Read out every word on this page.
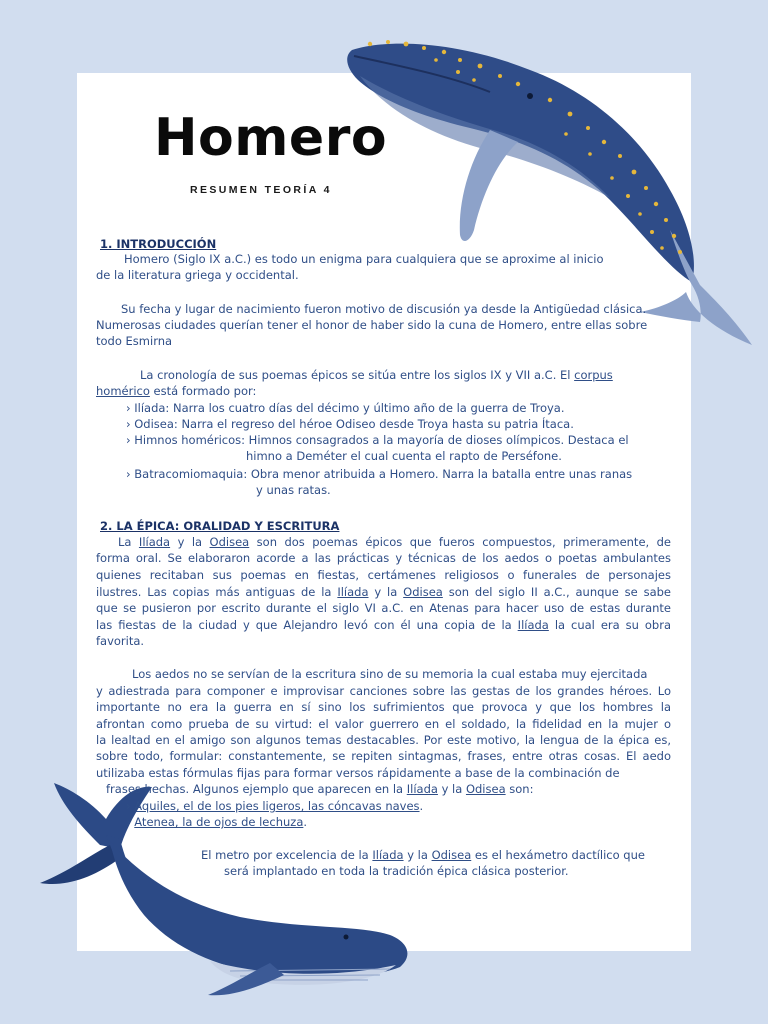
Homero
RESUMEN TEORÍA 4
1. INTRODUCCIÓN
Homero (Siglo IX a.C.) es todo un enigma para cualquiera que se aproxime al inicio
de la literatura griega y occidental.
Su fecha y lugar de nacimiento fueron motivo de discusión ya desde la Antigüedad clásica.
Numerosas ciudades querían tener el honor de haber sido la cuna de Homero, entre ellas sobre
todo Esmirna
La cronología de sus poemas épicos se sitúa entre los siglos IX y VII a.C. El corpus
homérico está formado por:
› Ilíada: Narra los cuatro días del décimo y último año de la guerra de Troya.
› Odisea: Narra el regreso del héroe Odiseo desde Troya hasta su patria Ítaca.
› Himnos homéricos: Himnos consagrados a la mayoría de dioses olímpicos. Destaca el
himno a Deméter el cual cuenta el rapto de Perséfone.
› Batracomiomaquia: Obra menor atribuida a Homero. Narra la batalla entre unas ranas
y unas ratas.
2. LA ÉPICA: ORALIDAD Y ESCRITURA
La Ilíada y la Odisea son dos poemas épicos que fueros compuestos, primeramente, de
forma oral. Se elaboraron acorde a las prácticas y técnicas de los aedos o poetas ambulantes
quienes recitaban sus poemas en fiestas, certámenes religiosos o funerales de personajes
ilustres. Las copias más antiguas de la Ilíada y la Odisea son del siglo II a.C., aunque se sabe
que se pusieron por escrito durante el siglo VI a.C. en Atenas para hacer uso de estas durante
las fiestas de la ciudad y que Alejandro levó con él una copia de la Ilíada la cual era su obra
favorita.
Los aedos no se servían de la escritura sino de su memoria la cual estaba muy ejercitada
y adiestrada para componer e improvisar canciones sobre las gestas de los grandes héroes. Lo
importante no era la guerra en sí sino los sufrimientos que provoca y que los hombres la
afrontan como prueba de su virtud: el valor guerrero en el soldado, la fidelidad en la mujer o
la lealtad en el amigo son algunos temas destacables. Por este motivo, la lengua de la épica es,
sobre todo, formular: constantemente, se repiten sintagmas, frases, entre otras cosas. El aedo
utilizaba estas fórmulas fijas para formar versos rápidamente a base de la combinación de
frases hechas. Algunos ejemplo que aparecen en la Ilíada y la Odisea son:
› Aquiles, el de los pies ligeros, las cóncavas naves.
› Atenea, la de ojos de lechuza.
El metro por excelencia de la Ilíada y la Odisea es el hexámetro dactílico que
será implantado en toda la tradición épica clásica posterior.
